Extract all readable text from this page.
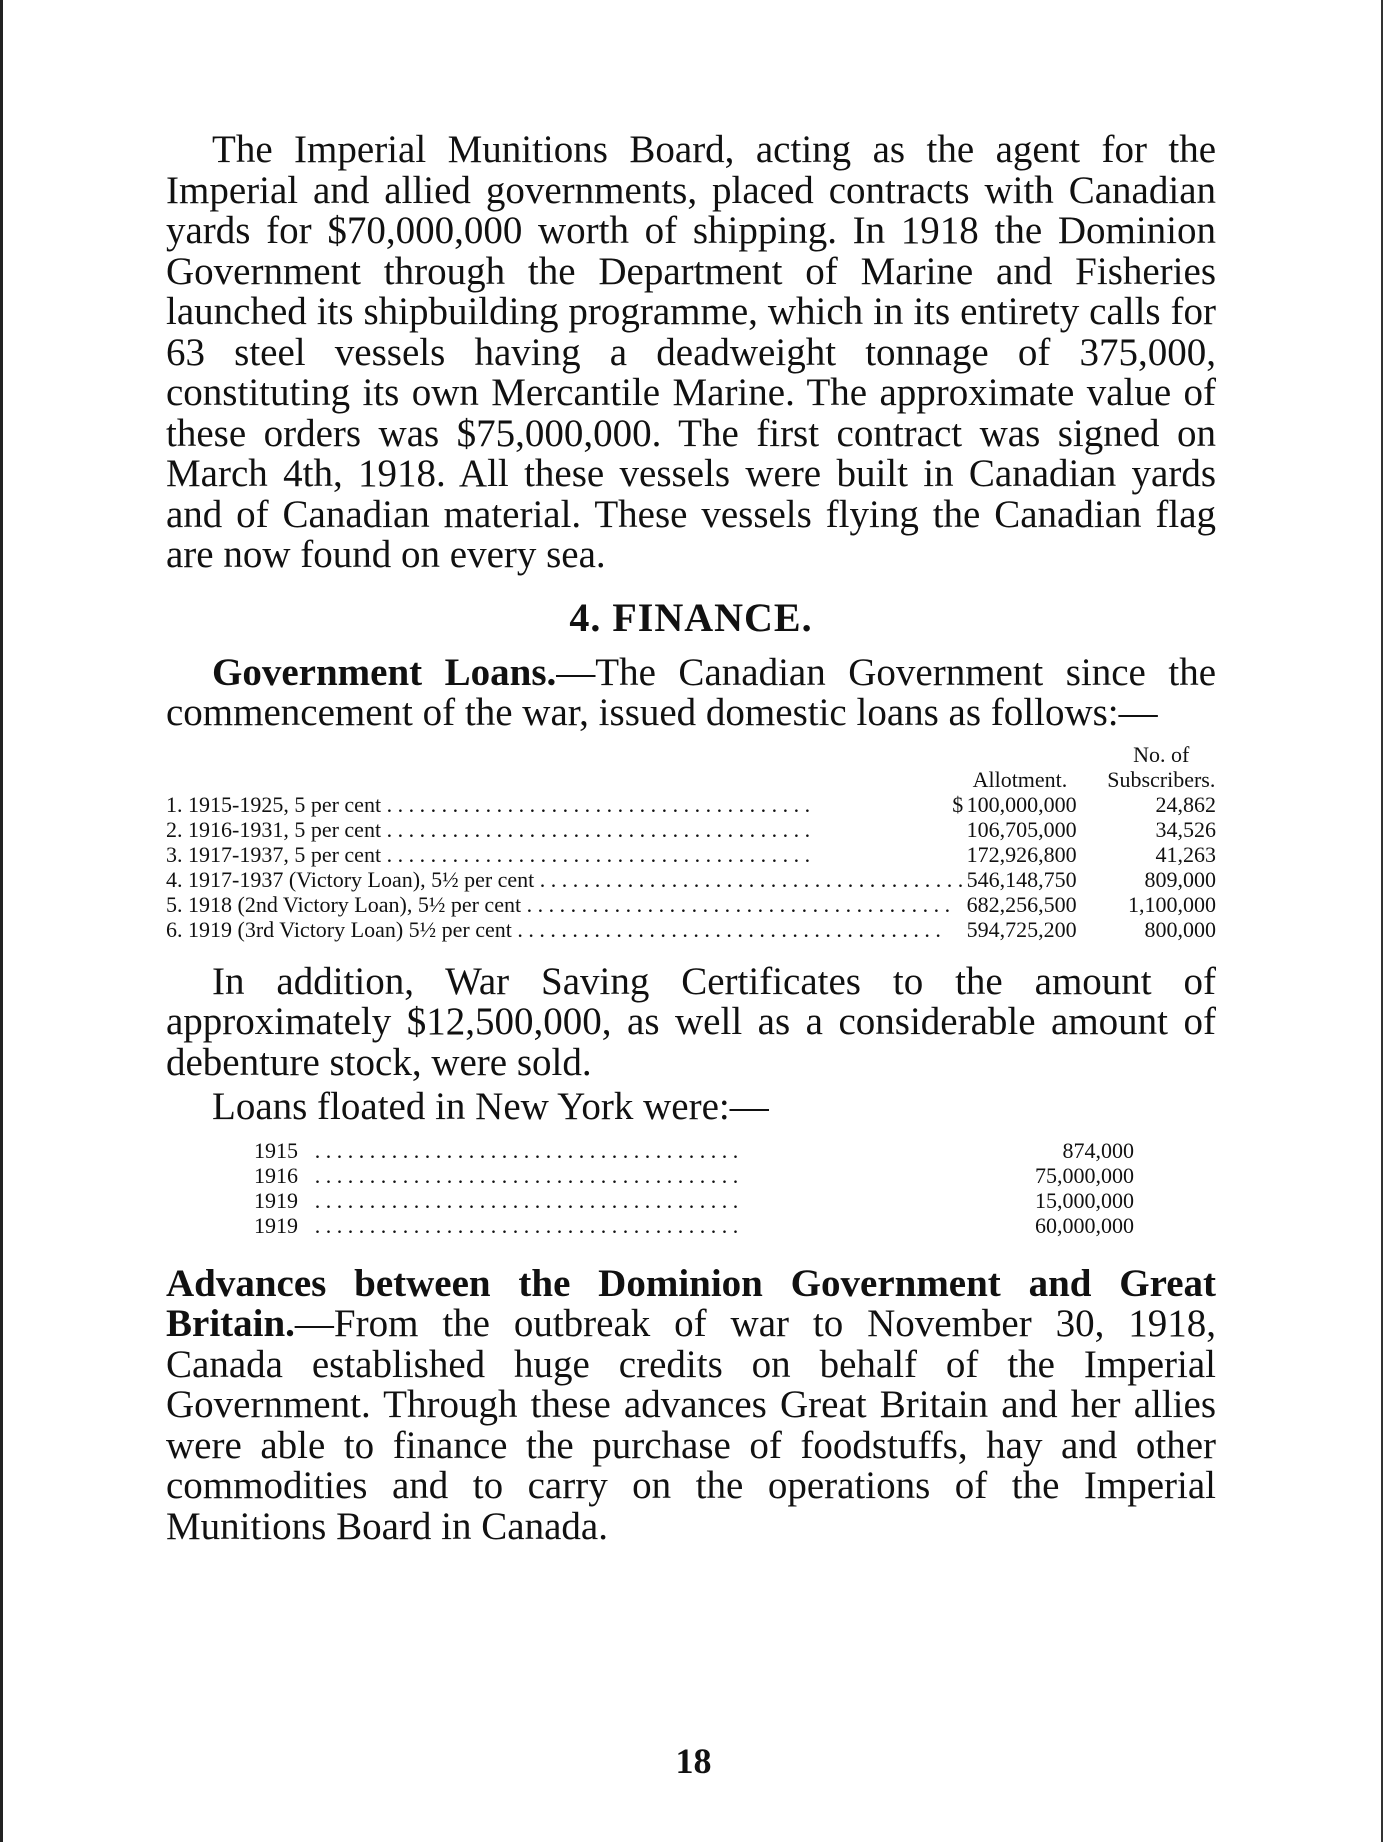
The Imperial Munitions Board, acting as the agent for the Imperial and allied governments, placed contracts with Canadian yards for $70,000,000 worth of shipping. In 1918 the Dominion Government through the Department of Marine and Fisheries launched its shipbuilding programme, which in its entirety calls for 63 steel vessels having a deadweight tonnage of 375,000, constituting its own Mercantile Marine. The approximate value of these orders was $75,000,000. The first contract was signed on March 4th, 1918. All these vessels were built in Canadian yards and of Canadian material. These vessels flying the Canadian flag are now found on every sea.

4. FINANCE.

Government Loans.—The Canadian Government since the commencement of the war, issued domestic loans as follows:—

		No. of
	Allotment.	Subscribers.

$
1. 1915-1925, 5 per cent . . .	100,000,000	24,862
2. 1916-1931, 5 per cent . . .	106,705,000	34,526
3. 1917-1937, 5 per cent . . .	172,926,800	41,263
4. 1917-1937 (Victory Loan), 5½ per cent . . .	546,148,750	809,000
5. 1918 (2nd Victory Loan), 5½ per cent . . .	682,256,500	1,100,000
6. 1919 (3rd Victory Loan) 5½ per cent . . .	594,725,200	800,000

In addition, War Saving Certificates to the amount of approximately $12,500,000, as well as a considerable amount of debenture stock, were sold.

Loans floated in New York were:—

1915	. . .	874,000
1916	. . .	75,000,000
1919	. . .	15,000,000
1919	. . .	60,000,000

Advances between the Dominion Government and Great Britain.—From the outbreak of war to November 30, 1918, Canada established huge credits on behalf of the Imperial Government. Through these advances Great Britain and her allies were able to finance the purchase of foodstuffs, hay and other commodities and to carry on the operations of the Imperial Munitions Board in Canada.

18
